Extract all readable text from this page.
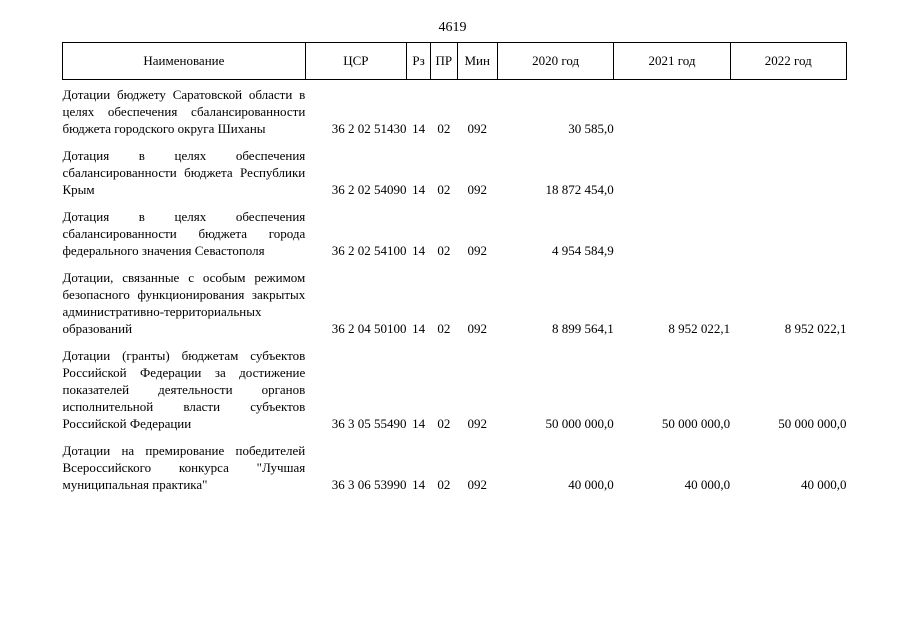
4619
Наименование	ЦСР	Рз	ПР	Мин	2020 год	2021 год	2022 год
Дотации бюджету Саратовской области в целях обеспечения сбалансированности бюджета городского округа Шиханы	36 2 02 51430	14	02	092	30 585,0		
Дотация в целях обеспечения сбалансированности бюджета Республики Крым	36 2 02 54090	14	02	092	18 872 454,0		
Дотация в целях обеспечения сбалансированности бюджета города федерального значения Севастополя	36 2 02 54100	14	02	092	4 954 584,9		
Дотации, связанные с особым режимом безопасного функционирования закрытых административно-территориальных образований	36 2 04 50100	14	02	092	8 899 564,1	8 952 022,1	8 952 022,1
Дотации (гранты) бюджетам субъектов Российской Федерации за достижение показателей деятельности органов исполнительной власти субъектов Российской Федерации	36 3 05 55490	14	02	092	50 000 000,0	50 000 000,0	50 000 000,0
Дотации на премирование победителей Всероссийского конкурса "Лучшая муниципальная практика"	36 3 06 53990	14	02	092	40 000,0	40 000,0	40 000,0
